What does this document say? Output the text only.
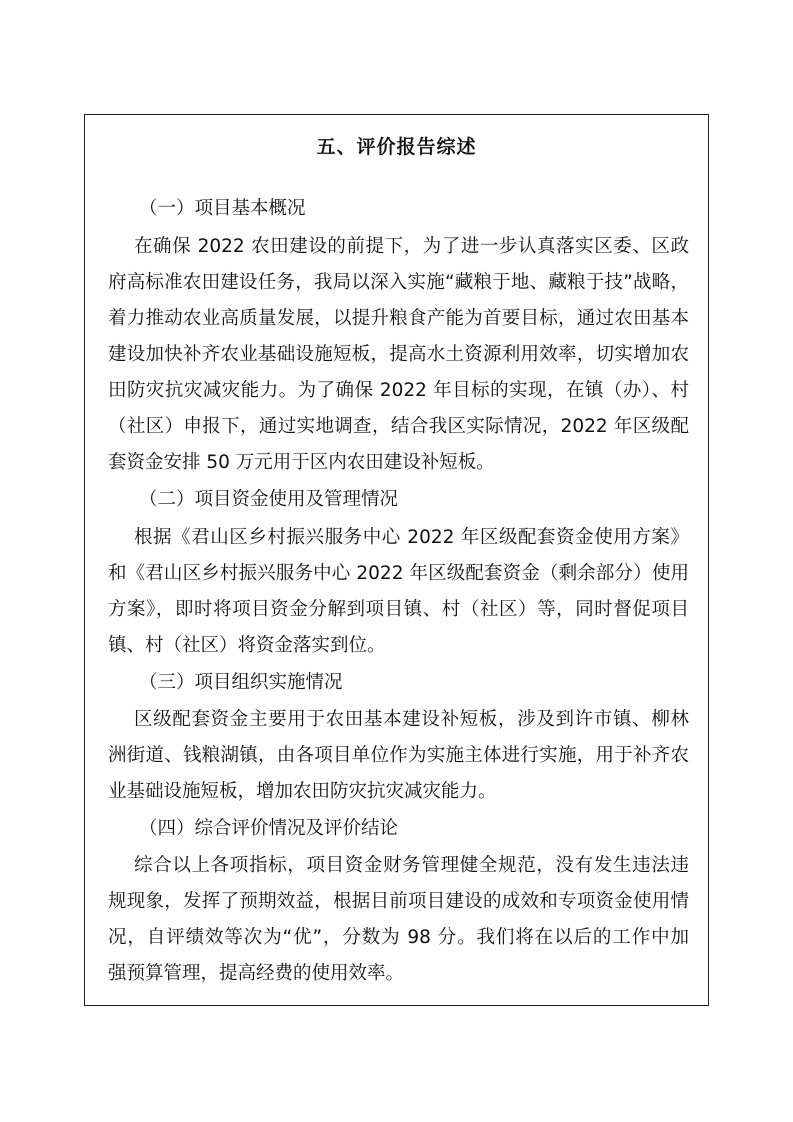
五、评价报告综述
（一）项目基本概况
在确保 2022 农田建设的前提下，为了进一步认真落实区委、区政
府高标准农田建设任务，我局以深入实施“藏粮于地、藏粮于技”战略，
着力推动农业高质量发展，以提升粮食产能为首要目标，通过农田基本
建设加快补齐农业基础设施短板，提高水土资源利用效率，切实增加农
田防灾抗灾减灾能力。为了确保 2022 年目标的实现，在镇（办）、村
（社区）申报下，通过实地调查，结合我区实际情况，2022 年区级配
套资金安排 50 万元用于区内农田建设补短板。
（二）项目资金使用及管理情况
根据《君山区乡村振兴服务中心 2022 年区级配套资金使用方案》
和《君山区乡村振兴服务中心 2022 年区级配套资金（剩余部分）使用
方案》，即时将项目资金分解到项目镇、村（社区）等，同时督促项目
镇、村（社区）将资金落实到位。
（三）项目组织实施情况
区级配套资金主要用于农田基本建设补短板，涉及到许市镇、柳林
洲街道、钱粮湖镇，由各项目单位作为实施主体进行实施，用于补齐农
业基础设施短板，增加农田防灾抗灾减灾能力。
（四）综合评价情况及评价结论
综合以上各项指标，项目资金财务管理健全规范，没有发生违法违
规现象，发挥了预期效益，根据目前项目建设的成效和专项资金使用情
况，自评绩效等次为“优”，分数为 98 分。我们将在以后的工作中加
强预算管理，提高经费的使用效率。
